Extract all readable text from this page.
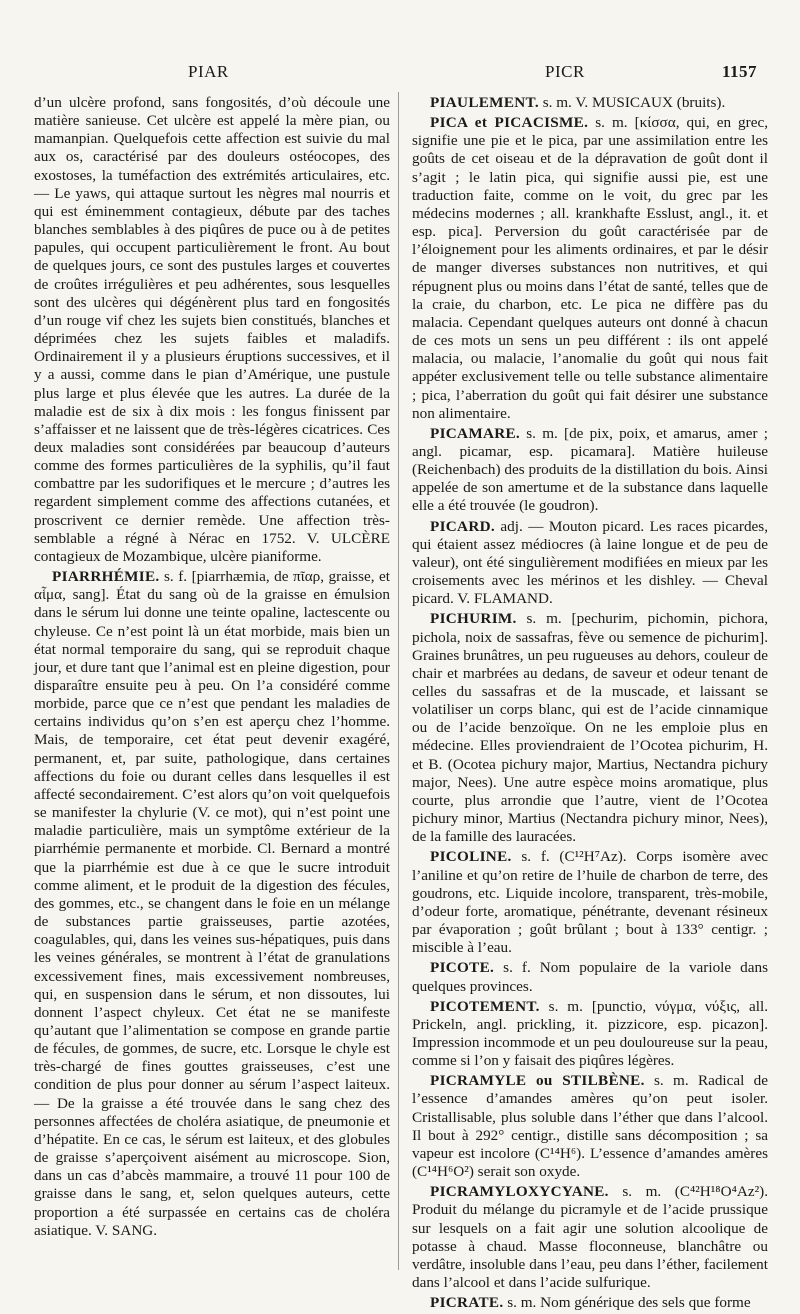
PIAR	PICR	1157

d’un ulcère profond, sans fongosités, d’où découle une matière sanieuse. Cet ulcère est appelé la mère pian, ou mamanpian. Quelquefois cette affection est suivie du mal aux os, caractérisé par des douleurs ostéocopes, des exostoses, la tuméfaction des extrémités articulaires, etc. — Le yaws, qui attaque surtout les nègres mal nourris et qui est éminemment contagieux, débute par des taches blanches semblables à des piqûres de puce ou à de petites papules, qui occupent particulièrement le front. Au bout de quelques jours, ce sont des pustules larges et couvertes de croûtes irrégulières et peu adhérentes, sous lesquelles sont des ulcères qui dégénèrent plus tard en fongosités d’un rouge vif chez les sujets bien constitués, blanches et déprimées chez les sujets faibles et maladifs. Ordinairement il y a plusieurs éruptions successives, et il y a aussi, comme dans le pian d’Amérique, une pustule plus large et plus élevée que les autres. La durée de la maladie est de six à dix mois : les fongus finissent par s’affaisser et ne laissent que de très-légères cicatrices. Ces deux maladies sont considérées par beaucoup d’auteurs comme des formes particulières de la syphilis, qu’il faut combattre par les sudorifiques et le mercure ; d’autres les regardent simplement comme des affections cutanées, et proscrivent ce dernier remède. Une affection très-semblable a régné à Nérac en 1752. V. ULCÈRE contagieux de Mozambique, ulcère pianiforme.

PIARRHÉMIE. s. f. [piarrhæmia, de πῖαρ, graisse, et αἷμα, sang]. État du sang où de la graisse en émulsion dans le sérum lui donne une teinte opaline, lactescente ou chyleuse. Ce n’est point là un état morbide, mais bien un état normal temporaire du sang, qui se reproduit chaque jour, et dure tant que l’animal est en pleine digestion, pour disparaître ensuite peu à peu. On l’a considéré comme morbide, parce que ce n’est que pendant les maladies de certains individus qu’on s’en est aperçu chez l’homme. Mais, de temporaire, cet état peut devenir exagéré, permanent, et, par suite, pathologique, dans certaines affections du foie ou durant celles dans lesquelles il est affecté secondairement. C’est alors qu’on voit quelquefois se manifester la chylurie (V. ce mot), qui n’est point une maladie particulière, mais un symptôme extérieur de la piarrhémie permanente et morbide. Cl. Bernard a montré que la piarrhémie est due à ce que le sucre introduit comme aliment, et le produit de la digestion des fécules, des gommes, etc., se changent dans le foie en un mélange de substances partie graisseuses, partie azotées, coagulables, qui, dans les veines sus-hépatiques, puis dans les veines générales, se montrent à l’état de granulations excessivement fines, mais excessivement nombreuses, qui, en suspension dans le sérum, et non dissoutes, lui donnent l’aspect chyleux. Cet état ne se manifeste qu’autant que l’alimentation se compose en grande partie de fécules, de gommes, de sucre, etc. Lorsque le chyle est très-chargé de fines gouttes graisseuses, c’est une condition de plus pour donner au sérum l’aspect laiteux. — De la graisse a été trouvée dans le sang chez des personnes affectées de choléra asiatique, de pneumonie et d’hépatite. En ce cas, le sérum est laiteux, et des globules de graisse s’aperçoivent aisément au microscope. Sion, dans un cas d’abcès mammaire, a trouvé 11 pour 100 de graisse dans le sang, et, selon quelques auteurs, cette proportion a été surpassée en certains cas de choléra asiatique. V. SANG.

PIAULEMENT. s. m. V. MUSICAUX (bruits).

PICA et PICACISME. s. m. [κίσσα, qui, en grec, signifie une pie et le pica, par une assimilation entre les goûts de cet oiseau et de la dépravation de goût dont il s’agit ; le latin pica, qui signifie aussi pie, est une traduction faite, comme on le voit, du grec par les médecins modernes ; all. krankhafte Esslust, angl., it. et esp. pica]. Perversion du goût caractérisée par de l’éloignement pour les aliments ordinaires, et par le désir de manger diverses substances non nutritives, et qui répugnent plus ou moins dans l’état de santé, telles que de la craie, du charbon, etc. Le pica ne diffère pas du malacia. Cependant quelques auteurs ont donné à chacun de ces mots un sens un peu différent : ils ont appelé malacia, ou malacie, l’anomalie du goût qui nous fait appéter exclusivement telle ou telle substance alimentaire ; pica, l’aberration du goût qui fait désirer une substance non alimentaire.

PICAMARE. s. m. [de pix, poix, et amarus, amer ; angl. picamar, esp. picamara]. Matière huileuse (Reichenbach) des produits de la distillation du bois. Ainsi appelée de son amertume et de la substance dans laquelle elle a été trouvée (le goudron).

PICARD. adj. — Mouton picard. Les races picardes, qui étaient assez médiocres (à laine longue et de peu de valeur), ont été singulièrement modifiées en mieux par les croisements avec les mérinos et les dishley. — Cheval picard. V. FLAMAND.

PICHURIM. s. m. [pechurim, pichomin, pichora, pichola, noix de sassafras, fève ou semence de pichurim]. Graines brunâtres, un peu rugueuses au dehors, couleur de chair et marbrées au dedans, de saveur et odeur tenant de celles du sassafras et de la muscade, et laissant se volatiliser un corps blanc, qui est de l’acide cinnamique ou de l’acide benzoïque. On ne les emploie plus en médecine. Elles proviendraient de l’Ocotea pichurim, H. et B. (Ocotea pichury major, Martius, Nectandra pichury major, Nees). Une autre espèce moins aromatique, plus courte, plus arrondie que l’autre, vient de l’Ocotea pichury minor, Martius (Nectandra pichury minor, Nees), de la famille des lauracées.

PICOLINE. s. f. (C¹²H⁷Az). Corps isomère avec l’aniline et qu’on retire de l’huile de charbon de terre, des goudrons, etc. Liquide incolore, transparent, très-mobile, d’odeur forte, aromatique, pénétrante, devenant résineux par évaporation ; goût brûlant ; bout à 133° centigr. ; miscible à l’eau.

PICOTE. s. f. Nom populaire de la variole dans quelques provinces.

PICOTEMENT. s. m. [punctio, νύγμα, νύξις, all. Prickeln, angl. prickling, it. pizzicore, esp. picazon]. Impression incommode et un peu douloureuse sur la peau, comme si l’on y faisait des piqûres légères.

PICRAMYLE ou STILBÈNE. s. m. Radical de l’essence d’amandes amères qu’on peut isoler. Cristallisable, plus soluble dans l’éther que dans l’alcool. Il bout à 292° centigr., distille sans décomposition ; sa vapeur est incolore (C¹⁴H⁶). L’essence d’amandes amères (C¹⁴H⁶O²) serait son oxyde.

PICRAMYLOXYCYANE. s. m. (C⁴²H¹⁸O⁴Az²). Produit du mélange du picramyle et de l’acide prussique sur lesquels on a fait agir une solution alcoolique de potasse à chaud. Masse floconneuse, blanchâtre ou verdâtre, insoluble dans l’eau, peu dans l’éther, facilement dans l’alcool et dans l’acide sulfurique.

PICRATE. s. m. Nom générique des sels que forme
